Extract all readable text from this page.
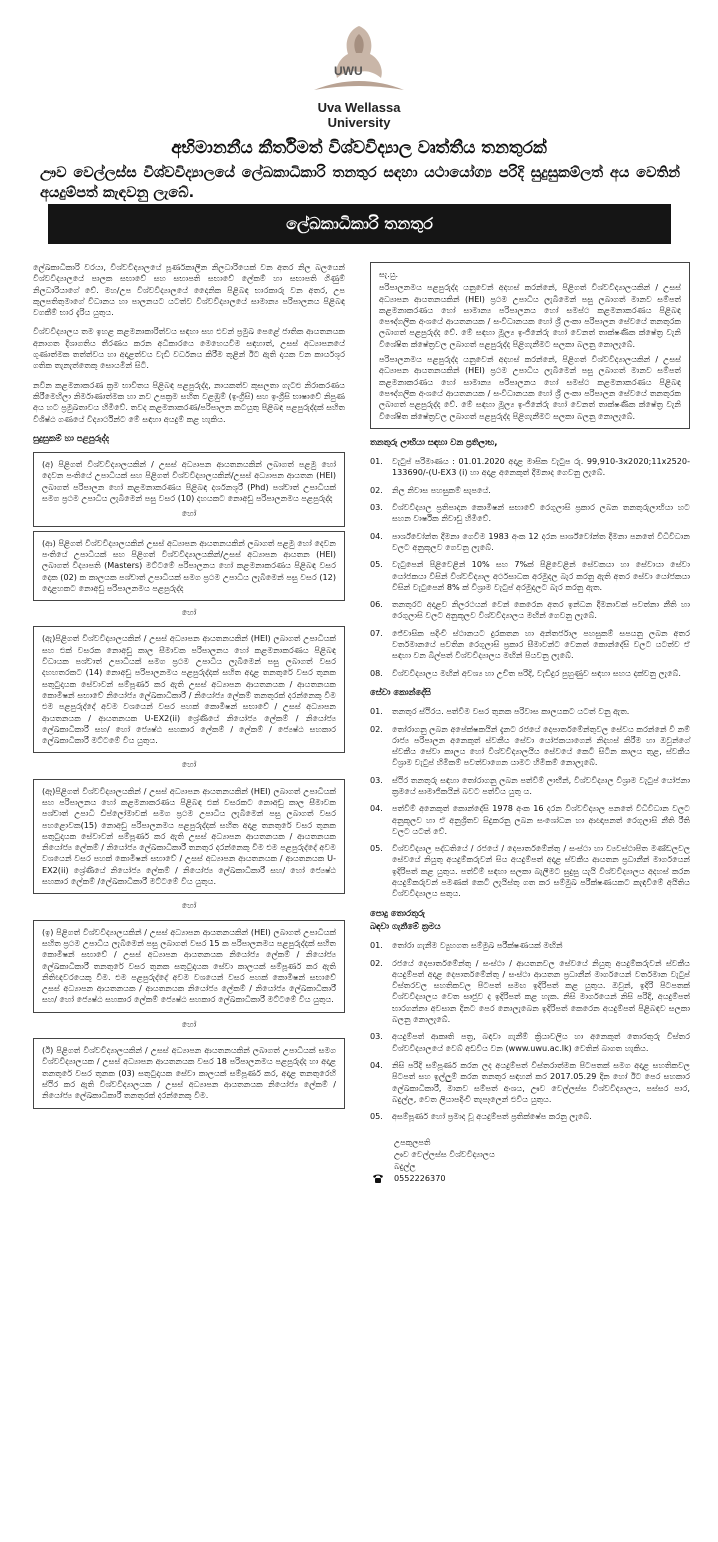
UWU
Uva Wellassa
University
අභිමානනීය කීර්තිමත් විශ්වවිද්‍යාල වෘත්තීය තනතුරක්
ඌව වෙල්ලස්ස විශ්වවිද්‍යාලයේ ලේඛකාධිකාරි තනතුර සඳහා යථායෝග්‍ය පරිදි සුදුසුකම්ලත් අය වෙතින් අයදුම්පත් කැඳවනු ලැබේ.
ලේඛකාධිකාරි තනතුර

ලේඛකාධිකාරි වරයා, විශ්වවිද්‍යාලයේ පූර්ණකාලීන නිලධාරියෙක් වන අතර නිල බලයෙන් විශ්වවිද්‍යාලයේ පාලක සභාවේ සහ සභාපති සභාවේ ලේකම් හා සභාපති ගිණුම් නිලධාරියාගේ වේ. මහ/උප විශ්වවිද්‍යාලයේ දෛනික පිළිබඳ භාරකාරු වන අතර, උප කුලපතිතුමාගේ විධානය හා පාලනයට යටත්ව විශ්වවිද්‍යාලයේ සාමාන්‍ය පරිපාලනය පිළිබඳ වගකීම් භාර දැරිය යුතුය.

විශ්වවිද්‍යාලය තම ඉහළ කළමනාකාරිත්වය සඳහා සහ එවන් ප්‍රමුඛ පෙළේ ජාතික ආයතනයක අනාගත දිශාගතිය තීරණය කරන අධිකාරයෙ මෙහෙයවීම සඳහාත්, උසස් අධ්‍යාපනයේ ගුණාත්මක තත්ත්වය හා අදාළත්වය වැඩි වර්ධනය කිරීම තුළින් ඊට ඇති දායක වන කාර්යශූර ගතික තැනැත්තෙකු සොයමින් සිටී.

නවීන කළමනාකරණ ක්‍රම භාවිතය පිළිබඳ පළපුරුද්ද, නායකත්ව කුසලතා ගැටළු නිරාකරණය කිරීමෙහිලා නිර්මාණාත්මක හා නව උපක්‍රම සහිත වළඹුම් (ඉංග්‍රීසි) සහ ඉංග්‍රීසි භාෂාවේ නිපුණ අය හට ප්‍රමුඛතාවය හිමිවේ. තවද කළමනාකරණ/පරිපාලන කටයුතු පිළිබඳ පළපුරුද්දක් සහිත විශිෂ්ඨ ගණයේ විද්‍යාර්ථින්ට මේ සඳහා අයදුම් කළ හැකිය.

සුදුසුකම් හා පළපුරුද්ද
(අ) පිළිගත් විශ්වවිද්‍යාලයකින් / උසස් අධ්‍යාපන ආයතනයකින් ලබාගත් පළමු හෝ දෙවන පංතියේ උපාධියක් සහ පිළිගත් විශ්වවිද්‍යාලයකින්/උසස් අධ්‍යාපන ආයතන (HEI) ලබාගත් පරිපාලන හෝ කළමනාකරණය පිළිබඳ දර්ශනශූරී (Phd) පශ්චාත් උපාධියක් සමග ප්‍රථම උපාධිය ලැබීමෙන් පසු වසර (10) දහයකට නොඅඩු පරිපාලනමය පළපුරුද්ද
හෝ
(ආ) පිළිගත් විශ්වවිද්‍යාලයකින් උසස් අධ්‍යාපන ආයතනයකින් ලබාගත් පළමු හෝ දෙවන පංතියේ උපාධියක් සහ පිළිගත් විශ්වවිද්‍යාලයකින්/උසස් අධ්‍යාපන ආයතන (HEI) ලබාගත් විද්‍යාපති (Masters) මට්ටමේ පරිපාලනය හෝ කළමනාකරණය පිළිබඳ වසර දෙක (02) ක කාලයක පශ්චාත් උපාධියක් සමග ප්‍රථම උපාධිය ලැබීමෙන් පසු වසර (12) දොළහකට නොඅඩු පරිපාලනමය පළපුරුද්ද
හෝ
(ඇ)පිළිගත් විශ්වවිද්‍යාලයකින් / උසස් අධ්‍යාපන ආයතනයකින් (HEI) ලබාගත් උපාධියක් සහ එක් වසරක නොඅඩු කාල සීමාවක පරිපාලනය හෝ කළමනාකරණය පිළිබඳ විධායක පශ්චාත් උපාධියක් සමග ප්‍රථම උපාධිය ලැබීමෙන් පසු ලබාගත් වසර දහහතරකට (14) නොඅඩු පරිපාලනමය පළපුරුද්දක් සහිත අදාළ තනතුරේ වසර තුනක සතුටුදායක සේවාවන් සම්පූර්ණ කර ඇති උසස් අධ්‍යාපන ආයතනයක / ආයතනයක කොමිෂන් සභාවේ නියෝජ්‍ය ලේඛකාධිකාරී / නියෝජ්‍ය ලේකම් තනතුරක් දරන්නෙකු වීම එම පළපුරුද්දේ අවම වශයෙන් වසර පහක් කොමිෂන් සභාවේ / උසස් අධ්‍යාපන ආයතනයක / ආයතනයක U-EX2(ii) ශ්‍රේණියේ නියෝජ්‍ය ලේකම් / නියෝජ්‍ය ලේඛකාධිකාරී සහ/ හෝ ජ්‍යෙෂ්ඨ සහකාර ලේකම් / ලේකම් / ජ්‍යෙෂ්ඨ සහකාර ලේඛකාධිකාරී මට්ටමේ විය යුතුය.
හෝ
(ඈ)පිළිගත් විශ්වවිද්‍යාලයකින් / උසස් අධ්‍යාපන ආයතනයකින් (HEI) ලබාගත් උපාධියක් සහ පරිපාලනය හෝ කළමනාකරණය පිළිබඳ එක් වසරකට නොඅඩු කාල සීමාවක පශ්චාත් උපාධි ඩිප්ලෝමාවක් සමග ප්‍රථම උපාධිය ලැබීමෙන් පසු ලබාගත් වසර පහළොවක(15) නොඅඩු පරිපාලනමය පළපුරුද්දක් සහිත අදාළ තනතුරේ වසර තුනක සතුටුදායක සේවාවන් සම්පූර්ණ කර ඇති උසස් අධ්‍යාපන ආයතනයක / ආයතනයක නියෝජ්‍ය ලේකම් / නියෝජ්‍ය ලේඛකාධිකාරී තනතුර දරන්නෙකු වීම එම පළපුරුද්දේ අවම වශයෙන් වසර පහක් කොමිෂන් සභාවේ / උසස් අධ්‍යාපන ආයතනයක / ආයතනයක U-EX2(ii) ශ්‍රේණියේ නියෝජ්‍ය ලේකම් / නියෝජ්‍ය ලේඛකාධිකාරී සහ/ හෝ ජ්‍යෙෂ්ඨ සහකාර ලේකම් /ලේඛකාධිකාරී මට්ටමේ විය යුතුය.
හෝ
(ඉ) පිළිගත් විශ්වවිද්‍යාලයකින් / උසස් අධ්‍යාපන ආයතනයකින් (HEI) ලබාගත් උපාධියක් සහිත ප්‍රථම උපාධිය ලැබීමෙන් පසු ලබාගත් වසර 15 ක පරිපාලනමය පළපුරුද්දක් සහිත කොමිෂන් සභාවේ / උසස් අධ්‍යාපන ආයතනයක නියෝජ්‍ය ලේකම් / නියෝජ්‍ය ලේඛකාධිකාරී තනතුරේ වසර තුනක සතුටුදායක සේවා කාලයක් සම්පූර්ණ කර ඇති නිතිඥවරයෙකු වීම. එම පළපුරුද්දේ අවම වශයෙන් වසර පහක් කොමිෂන් සභාවේ උසස් අධ්‍යාපන ආයතනයක / ආයතනයක නියෝජ්‍ය ලේකම් / නියෝජ්‍ය ලේඛකාධිකාරී සහ/ හෝ ජ්‍යෙෂ්ඨ සහකාර ලේකම් ජ්‍යෙෂ්ඨ සහකාර ලේඛකාධිකාරී මට්ටමේ විය යුතුය.
හෝ
(ඊ) පිළිගත් විශ්වවිද්‍යාලයකින් / උසස් අධ්‍යාපන ආයතනයකින් ලබාගත් උපාධියක් සමග විශ්වවිද්‍යාලයක / උසස් අධ්‍යාපන ආයතනයක වසර 18 පරිපාලනමය පළපුරුද්ද හා අදාළ තනතුරේ වසර තුනක (03) සතුටුදායක සේවා කාලයක් සම්පූර්ණ කර, අදාළ තනතුරෙහි ස්ථිර කර ඇති විශ්වවිද්‍යාලයක / උසස් අධ්‍යාපන ආයතනයක නියෝජ්‍ය ලේකම් / නියෝජ්‍ය ලේඛකාධිකාරී තනතුරක් දරන්නෙකු විම.
සැ.යු.

පරිපාලනමය පළපුරුද්ද යනුවෙන් අදහස් කරන්නේ, පිළිගත් විශ්වවිද්‍යාලයකින් / උසස් අධ්‍යාපන ආයතනයකින් (HEI) ප්‍රථම උපාධිය ලැබීමෙන් පසු ලබාගත් මානව සම්පත් කළමනාකරණය හෝ සාමාන්‍ය පරිපාලනය හෝ සමස්ථ කළමනාකරණය පිළිබඳ පෞද්ගලික අංශයේ ආයතනයක / සංවිධානයක හෝ ශ්‍රී ලංකා පරිපාලන සේවයේ තනතුරක ලබාගත් පළපුරුද්ද වේ. මේ සඳහා මූල්‍ය ඉංජිනේරු හෝ වෙනත් තාක්ෂණික ක්ෂේත්‍ර වැනි විශේෂිත ක්ෂේත්‍රවල ලබාගත් පළපුරුද්ද පිළිගැනීමට සලකා බලනු නොලැබේ.

පරිපාලනමය පළපුරුද්ද යනුවෙන් අදහස් කරන්නේ, පිළිගත් විශ්වවිද්‍යාලයකින් / උසස් අධ්‍යාපන ආයතනයකින් (HEI) ප්‍රථම උපාධිය ලැබීමෙන් පසු ලබාගත් මානව සම්පත් කළමනාකරණය හෝ සාමාන්‍ය පරිපාලනය හෝ සමස්ථ කළමනාකරණය පිළිබඳ පෞද්ගලික අංශයේ ආයතනයක / සංවිධානයක හෝ ශ්‍රී ලංකා පරිපාලන සේවයේ තනතුරක ලබාගත් පළපුරුද්ද වේ. මේ සඳහා මූල්‍ය ඉංජිනේරු හෝ වෙනත් තාක්ෂණික ක්ෂේත්‍ර වැනි විශේෂිත ක්ෂේත්‍රවල ලබාගත් පළපුරුද්ද පිළිගැනීමට සලකා බලනු නොලැබේ.

තනතුරු ලාභියා සඳහා වන ප්‍රතිලාභ,
01.	වැටුප් පරිමාණය : 01.01.2020 අදාළ මාසික වැටුප රු. 99,910-3x2020;11x2520-133690/-(U-EX3 (i) හා අදාළ අනෙකුත් දීමනාද ගෙවනු ලැබේ.
02.	නිල නිවාස පහසුකම් සැපයේ.
03.	විශ්වවිද්‍යාල ප්‍රතිපාදන කොමිෂන් සභාවේ රෙගුලාසි ප්‍රකාර ලබන තනතුරුලාභියා හට සහන වාර්ෂික නිවාඩු හිමිවේ.
04.	පාර්ශ්වෝන්ත දීමනා ගෙවීම 1983 අංක 12 දරන පාර්ශ්වෝන්ත දීමනා පනතේ විධිවිධාන වලට අනුකූලව ගෙවනු ලැබේ.
05.	වැටුපෙන් පිළිවෙළින් 10% සහ 7%ක් පිළිවෙළින් සේවකයා හා සේවායා සේවා යෝජකයා විසින් විශ්වවිද්‍යාල අර්ථසාධක අරමුදල බැර කරනු ඇති අතර සේවා යෝජකයා විසින් වැටුපෙන් 8% ක් විශ්‍රාම වැටුප් අරමුදලට බැර කරනු ඇත.
06.	තනතුරට අදාළව නිලරථයන් වෙන් කෙරෙන අතර ඉන්ධන දීමනාවක් පවත්නා නීති හා රෙගුලාසි වලට අනුකූලව විශ්වවිද්‍යාලය මඟින් ගෙවනු ලැබේ.
07.	ජේවාසික පදිංචි ස්ථානයට දුරකතන හා අන්තර්ජාල පහසුකම් සපයනු ලබන අතර වර්තමානයේ පවතින රෙගුලාසි ප්‍රකාර සීමාවන්ට වෙනත් කොන්දේසි වලට යටත්ව ඒ සඳහා වන බිල්පත් විශ්වවිද්‍යාලය මඟින් පියවනු ලැබේ.
08.	විශ්වවිද්‍යාලය මඟින් අවශ්‍ය හා උචිත පරිදි, වැඩිදුර පුහුණුව සඳහා සහය දක්වනු ලැබේ.
සේවා කොන්දේසි
01.	තනතුර ස්ථිරය. පත්වීම වසර තුනක පරිවාස කාලයකට යටත් වනු ඇත.
02.	තෝරාගනු ලබන අපේක්ෂකයින් දැනට රජයේ දෙපාර්තමේන්තුවල සේවය කරන්නේ වී නම් රාජ්‍ය පරිපාලන අනෙකුත් ස්වකීය සේවා යෝජකයාගෙන් නිදහස් කිරීම හා ඔවුන්ගේ ස්වකීය සේවා කාලය හෝ විශ්වවිද්‍යාලයීය සේවයේ කෙටි සිටින කාලය තුළ, ස්වකීය විශ්‍රාම වැටුප් හිමිකම් පවත්වාගෙන යාමට හිමිකම් නොලැබේ.
03.	ස්ථිර තනතුරු සඳහා තෝරාගනු ලබන පත්වීම් ලාභීන්, විශ්වවිද්‍යාල විශ්‍රාම වැටුප් යෝජනා ක්‍රමයේ සාමාජිකයින් බවට පත්විය යුතු ය.
04.	පත්වීම් අනෙකුත් කොන්දේසි 1978 අංක 16 දරන විශ්වවිද්‍යාල පනතේ විධිවිධාන වලට අනුකූලව හා ඒ අනුශ්‍රිතව සිදුකරනු ලබන සංශෝධන හා ආඥාපනත් රෙගුලාසි නීති රීති වලට යටත් වේ.
05.	විශ්වවිද්‍යාල පද්ධතියේ / රජයේ / දෙපාර්තමේන්තු / සංස්ථා හා ව්‍යවස්ථාපිත මණ්ඩලවල සේවයේ නියුතු අයදුම්කරුවන් සිය අයදුම්පත් අදාළ ස්වකීය ආයතන ප්‍රධානීන් මාර්ගයෙන් ඉදිරිපත් කළ යුතුය. පත්වීම් සඳහා සලකා බැලීමට සුදුසු යැයි විශ්වවිද්‍යාලය අදහස් කරන අයදුම්කරුවන් පමණක් කෙටි ලැයිස්තු ගත කර සම්මුඛ පරීක්ෂණයකට කැඳවීමේ අයිතිය විශ්වවිද්‍යාලය සතුය.
පොදු තොරතුරු
බඳවා ගැනීමේ ක්‍රමය
01.	තෝරා ගැනීම ව්‍යුහගත සම්මුඛ පරීක්ෂණයක් මඟින්
02.	රජයේ දෙපාර්තමේන්තු / සංස්ථා / ආයතනවල සේවයේ නියුතු අයදුම්කරුවන් ස්වකීය අයදුම්පත් අදාළ දෙපාර්තමේන්තු / සංස්ථා ආයතන ප්‍රධානීන් මාර්ගයෙන් වර්තමාන වැටුප් විස්තරවල සහතිකවල පිටපත් සමඟ ඉදිරිපත් කළ යුතුය. ඔවුන්, ඉදිරි පිටපතක් විශ්වවිද්‍යාලය වෙත සෘජුව ද ඉදිරිපත් කළ හැක. නිසි මාර්ගයෙන් නිසි පරිදි, අයදුම්පත් භාරගන්නා අවසාන දිනට පෙර නොලැබෙන ඉදිරිපත් කෙරෙන අයදුම්පත් පිළිබඳව සලකා බලනු නොලැබේ.
03.	අයදුම්පත් ආකෘති පත්‍ර, බඳවා ගැනීම් ක්‍රියාවලිය හා අනෙකුත් තොරතුරු විස්තර විශ්වවිද්‍යාලයේ වෙබ් අඩවිය වන (www.uwu.ac.lk) වෙතින් බාගත හැකිය.
04.	නිසි පරිදි සම්පූර්ණ කරන ලද අයදුම්පත් විස්තරාත්මක පිටපතක් සමග අදාළ සහතිකවල පිටපත් සහ ඉල්ලුම් කරන තනතුර සඳහන් කර 2017.05.29 දින හෝ ඊට පෙර සහකාර ලේඛකාධිකාරී, මානව සම්පත් අංශය, ඌව වෙල්ලස්ස විශ්වවිද්‍යාලය, පස්සර පාර, බදුල්ල, වෙත ලියාපදිංචි තැපෑලෙන් එවිය යුතුය.
05.	අසම්පූර්ණ හෝ ප්‍රමාද වූ අයදුම්පත් ප්‍රතික්ෂේප කරනු ලැබේ.
උපකුලපති
ඌව වෙල්ලස්ස විශ්වවිද්‍යාලය
බදුල්ල
0552226370
